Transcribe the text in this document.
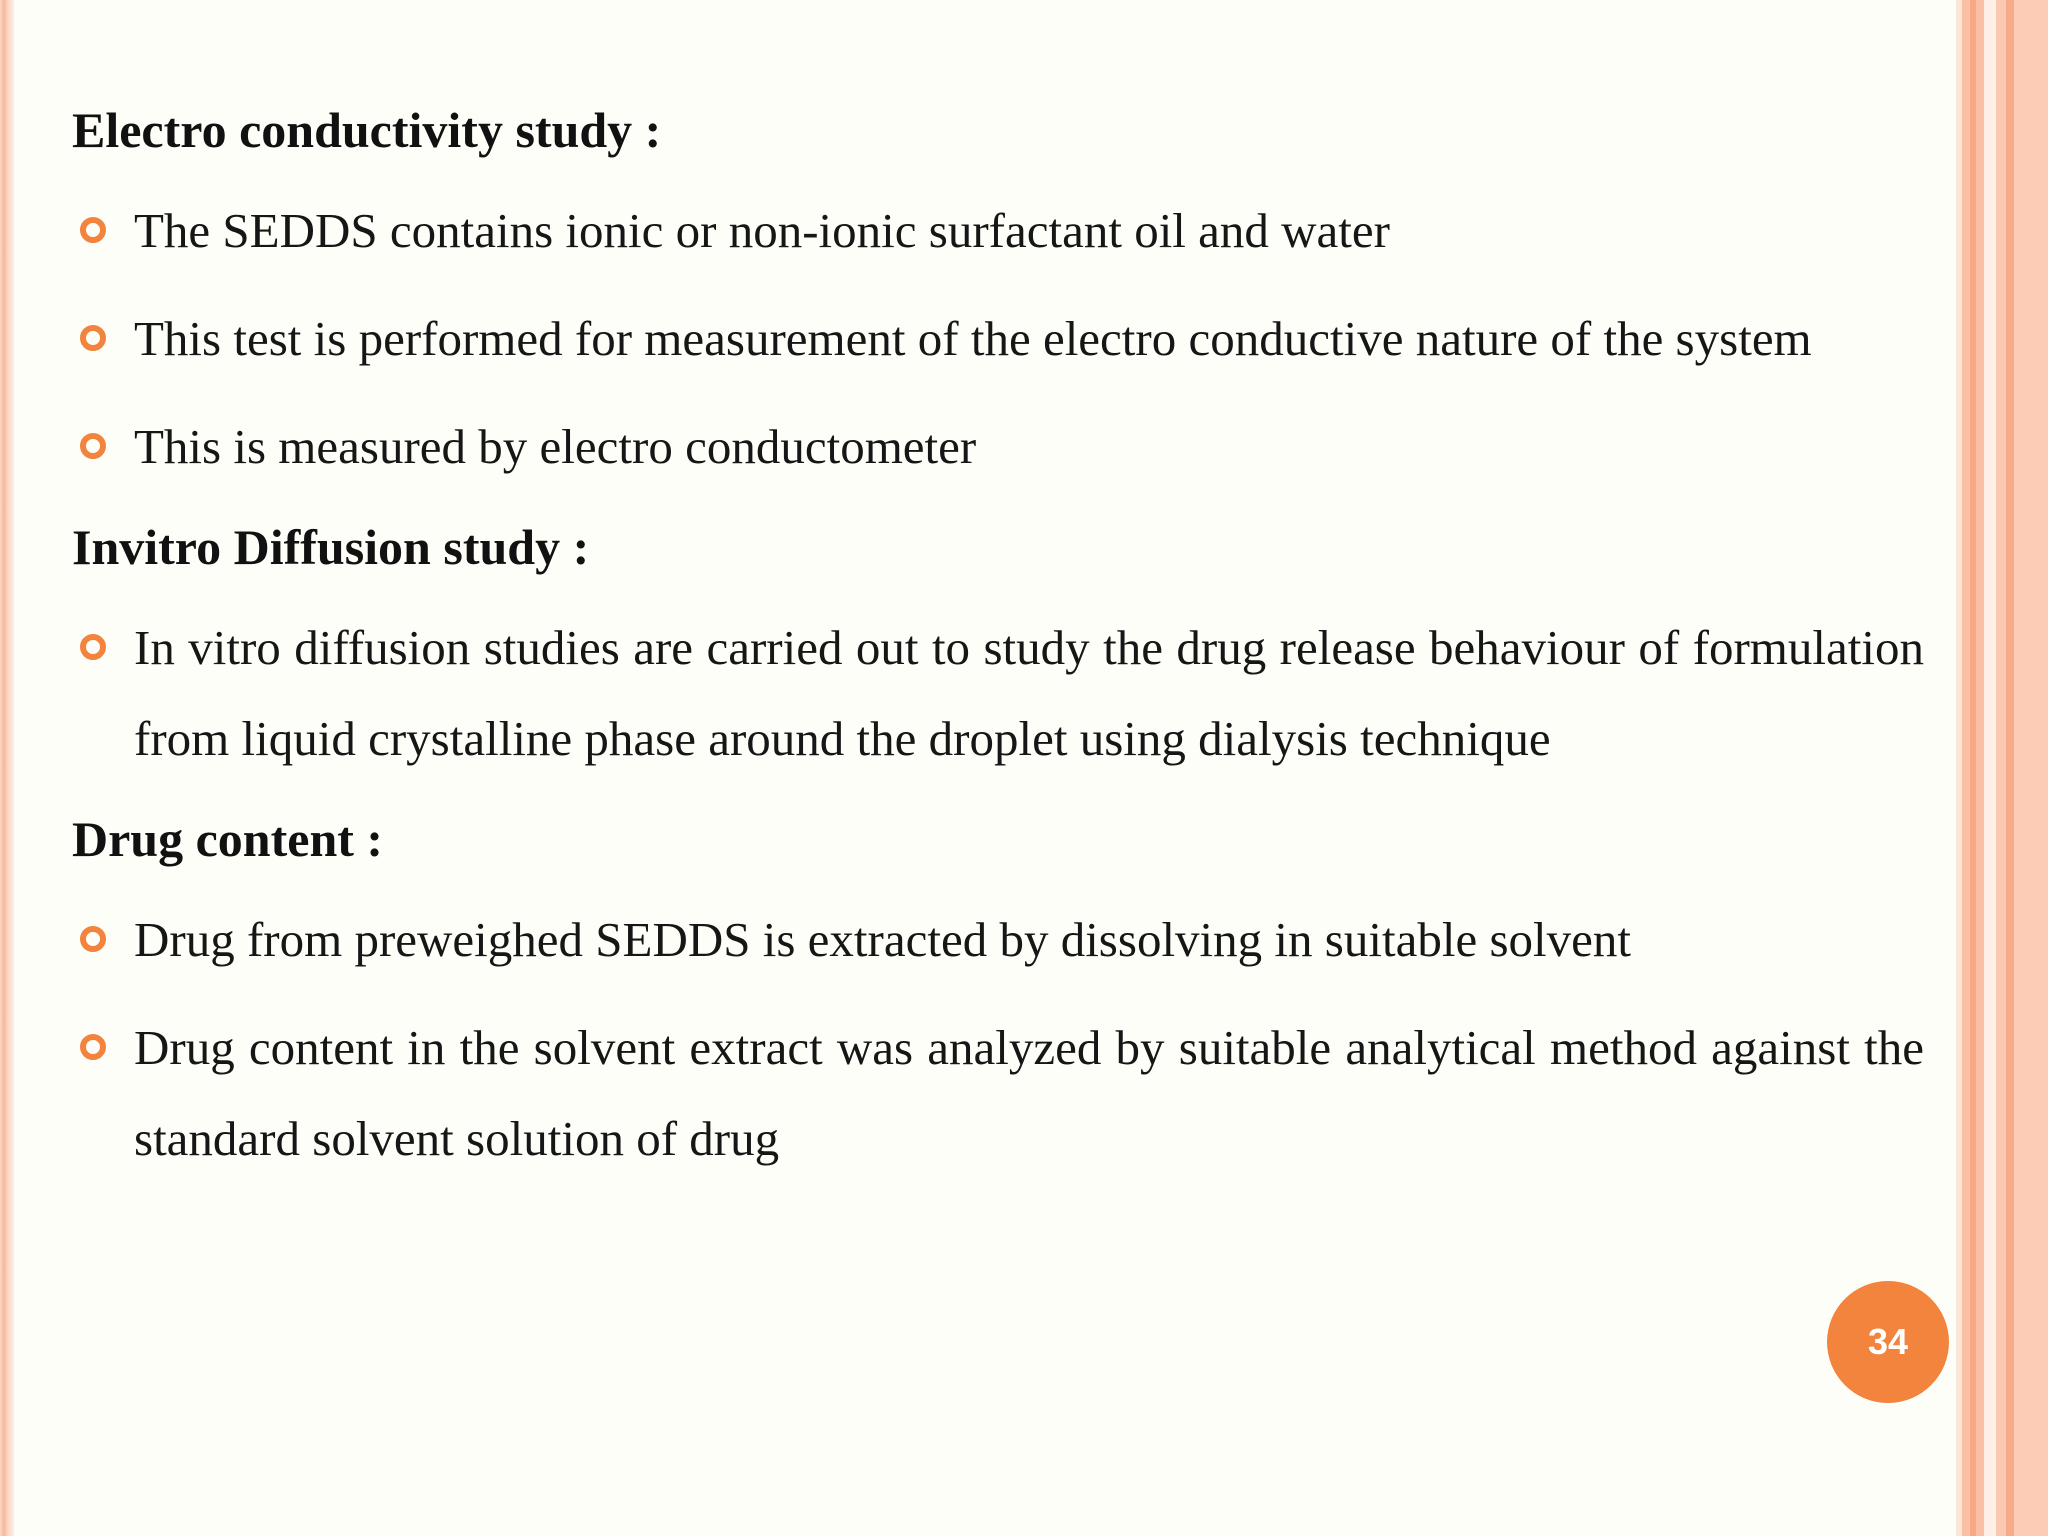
Electro conductivity study :

The SEDDS contains ionic or non-ionic surfactant oil and water

This test is performed for measurement of the electro conductive nature of the system

This is measured by electro conductometer

Invitro Diffusion study :

In vitro diffusion studies are carried out to study the drug release behaviour of formulation from liquid crystalline phase around the droplet using dialysis technique

Drug content :

Drug from preweighed SEDDS is extracted by dissolving in suitable solvent

Drug content in the solvent extract was analyzed by suitable analytical method against the standard solvent solution of drug

34
